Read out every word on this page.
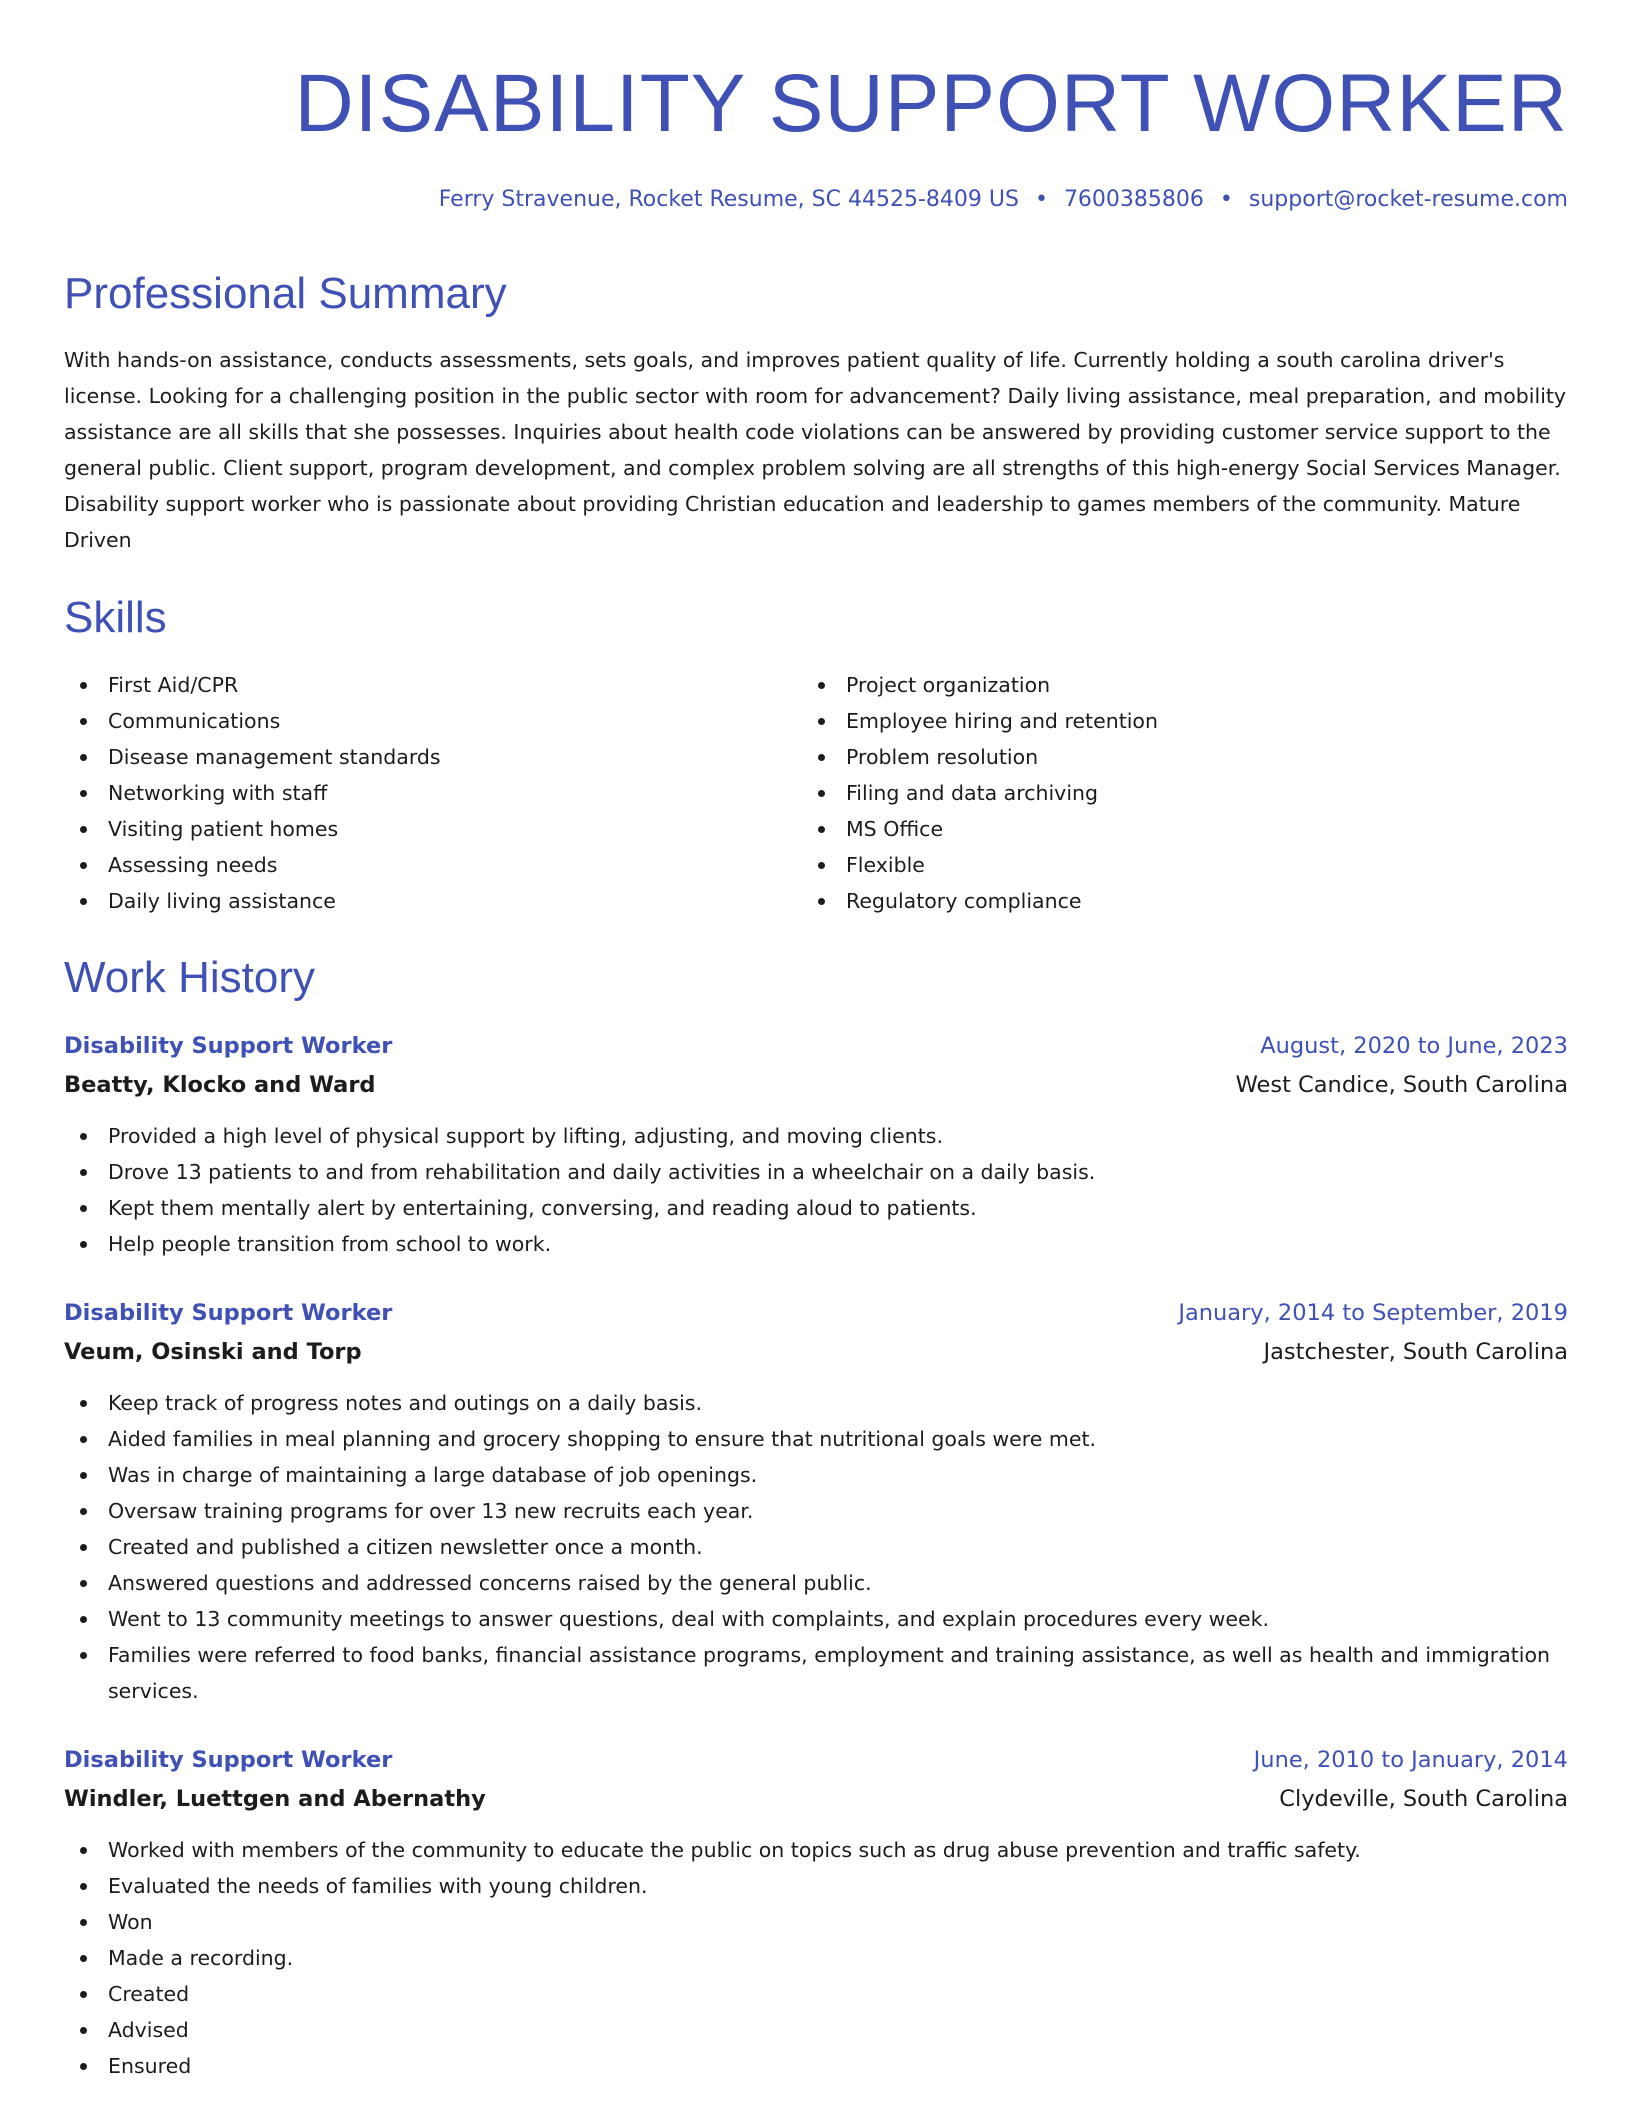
DISABILITY SUPPORT WORKER
Ferry Stravenue, Rocket Resume, SC 44525-8409 US • 7600385806 • support@rocket-resume.com
Professional Summary

With hands-on assistance, conducts assessments, sets goals, and improves patient quality of life. Currently holding a south carolina driver's license. Looking for a challenging position in the public sector with room for advancement? Daily living assistance, meal preparation, and mobility assistance are all skills that she possesses. Inquiries about health code violations can be answered by providing customer service support to the general public. Client support, program development, and complex problem solving are all strengths of this high-energy Social Services Manager. Disability support worker who is passionate about providing Christian education and leadership to games members of the community. Mature Driven

Skills
First Aid/CPR
Communications
Disease management standards
Networking with staff
Visiting patient homes
Assessing needs
Daily living assistance
Project organization
Employee hiring and retention
Problem resolution
Filing and data archiving
MS Office
Flexible
Regulatory compliance
Work History
Disability Support Worker	August, 2020 to June, 2023
Beatty, Klocko and Ward	West Candice, South Carolina
Provided a high level of physical support by lifting, adjusting, and moving clients.
Drove 13 patients to and from rehabilitation and daily activities in a wheelchair on a daily basis.
Kept them mentally alert by entertaining, conversing, and reading aloud to patients.
Help people transition from school to work.
Disability Support Worker	January, 2014 to September, 2019
Veum, Osinski and Torp	Jastchester, South Carolina
Keep track of progress notes and outings on a daily basis.
Aided families in meal planning and grocery shopping to ensure that nutritional goals were met.
Was in charge of maintaining a large database of job openings.
Oversaw training programs for over 13 new recruits each year.
Created and published a citizen newsletter once a month.
Answered questions and addressed concerns raised by the general public.
Went to 13 community meetings to answer questions, deal with complaints, and explain procedures every week.
Families were referred to food banks, financial assistance programs, employment and training assistance, as well as health and immigration services.
Disability Support Worker	June, 2010 to January, 2014
Windler, Luettgen and Abernathy	Clydeville, South Carolina
Worked with members of the community to educate the public on topics such as drug abuse prevention and traffic safety.
Evaluated the needs of families with young children.
Won
Made a recording.
Created
Advised
Ensured
